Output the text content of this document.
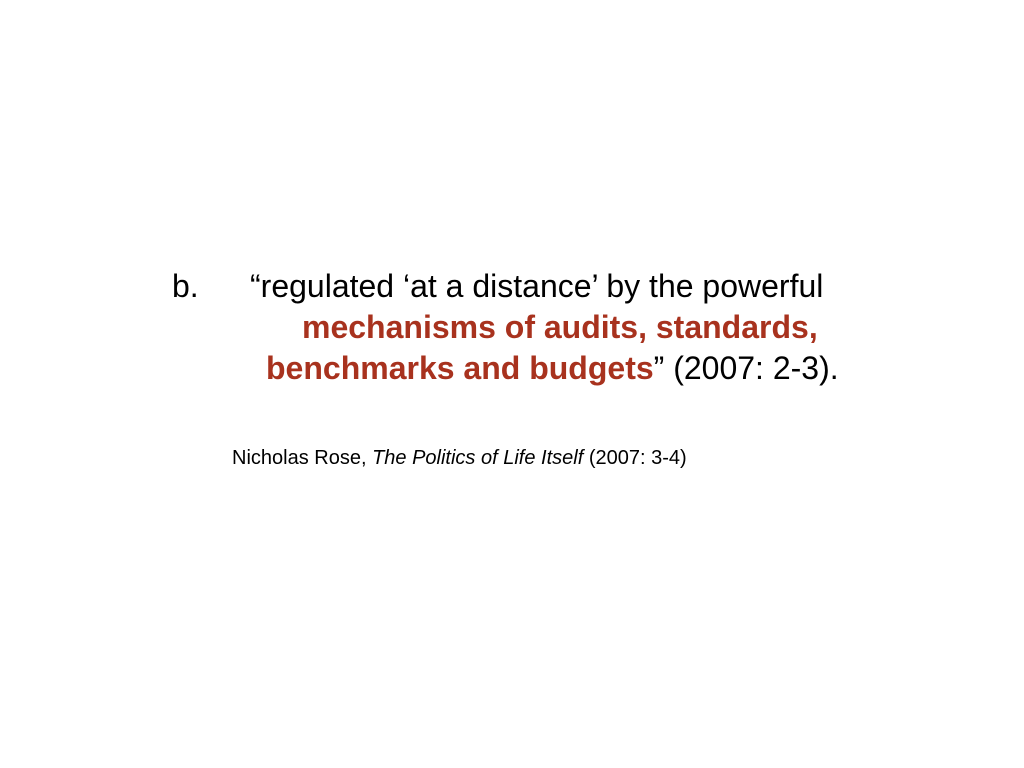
b. “regulated ‘at a distance’ by the powerful
mechanisms of audits, standards,
benchmarks and budgets” (2007: 2-3).
Nicholas Rose, The Politics of Life Itself (2007: 3-4)
